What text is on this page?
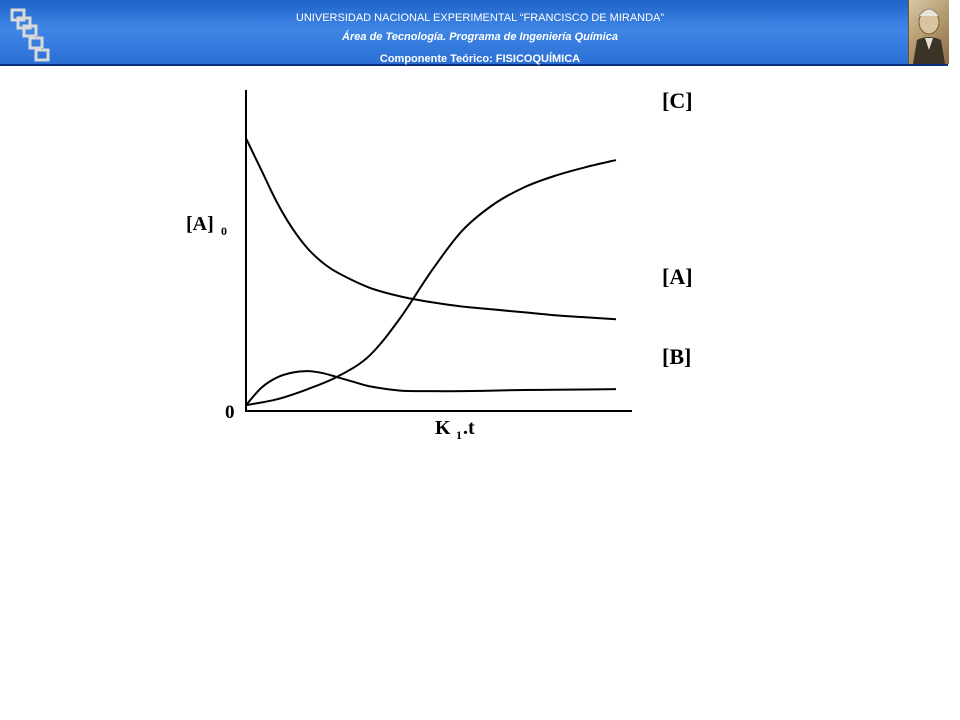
UNIVERSIDAD NACIONAL EXPERIMENTAL “FRANCISCO DE MIRANDA”
Área de Tecnología. Programa de Ingeniería Química
Componente Teórico: FISICOQUÍMICA
[A] 0
0
K 1 .t
[A]
[B]
[C]
